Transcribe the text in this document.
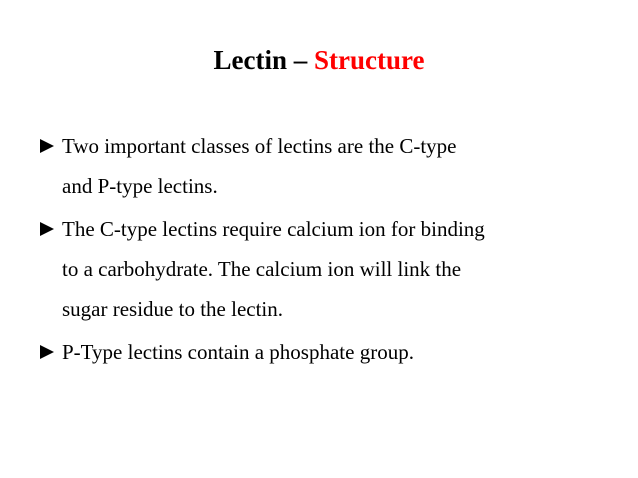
Lectin – Structure
Two important classes of lectins are the C-type
and P-type lectins.
The C-type lectins require calcium ion for binding
to a carbohydrate. The calcium ion will link the
sugar residue to the lectin.
P-Type lectins contain a phosphate group.
